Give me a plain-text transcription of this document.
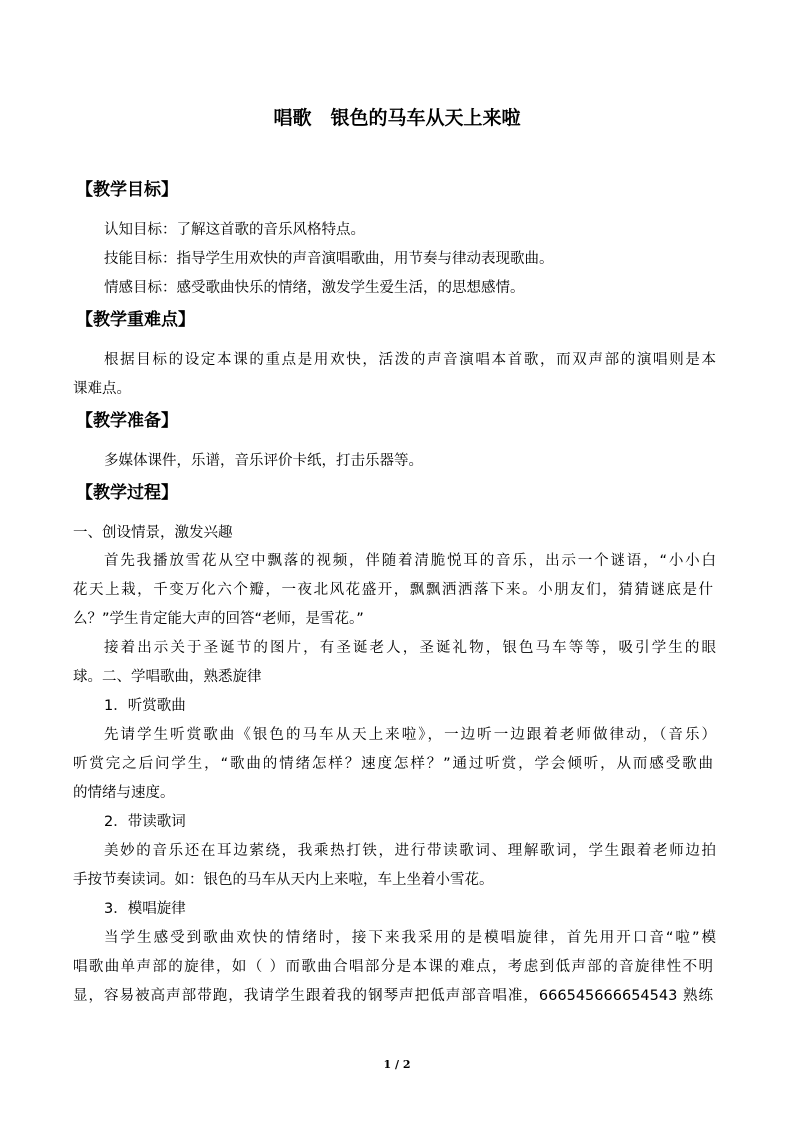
唱歌　银色的马车从天上来啦
【教学目标】
认知目标：了解这首歌的音乐风格特点。
技能目标：指导学生用欢快的声音演唱歌曲，用节奏与律动表现歌曲。
情感目标：感受歌曲快乐的情绪，激发学生爱生活，的思想感情。
【教学重难点】
根据目标的设定本课的重点是用欢快，活泼的声音演唱本首歌，而双声部的演唱则是本
课难点。
【教学准备】
多媒体课件，乐谱，音乐评价卡纸，打击乐器等。
【教学过程】
一、创设情景，激发兴趣
首先我播放雪花从空中飘落的视频，伴随着清脆悦耳的音乐，出示一个谜语，“小小白
花天上栽，千变万化六个瓣，一夜北风花盛开，飘飘洒洒落下来。小朋友们，猜猜谜底是什
么？”学生肯定能大声的回答“老师，是雪花。”
接着出示关于圣诞节的图片，有圣诞老人，圣诞礼物，银色马车等等，吸引学生的眼
球。二、学唱歌曲，熟悉旋律
1．听赏歌曲
先请学生听赏歌曲《银色的马车从天上来啦》，一边听一边跟着老师做律动，（音乐）
听赏完之后问学生，“歌曲的情绪怎样？速度怎样？”通过听赏，学会倾听，从而感受歌曲
的情绪与速度。
2．带读歌词
美妙的音乐还在耳边萦绕，我乘热打铁，进行带读歌词、理解歌词，学生跟着老师边拍
手按节奏读词。如：银色的马车从天内上来啦，车上坐着小雪花。
3．模唱旋律
当学生感受到歌曲欢快的情绪时，接下来我采用的是模唱旋律，首先用开口音“啦”模
唱歌曲单声部的旋律，如（ ）而歌曲合唱部分是本课的难点，考虑到低声部的音旋律性不明
显，容易被高声部带跑，我请学生跟着我的钢琴声把低声部音唱准，666545666654543 熟练
1 / 2
